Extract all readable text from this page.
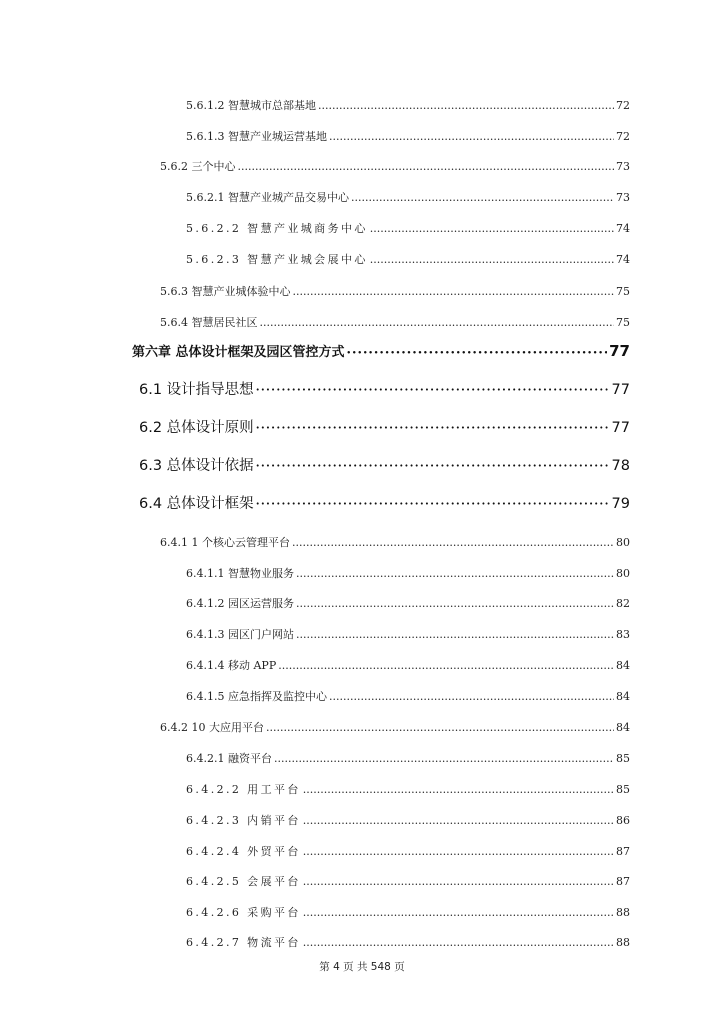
5.6.1.2 智慧城市总部基地 .....	72
5.6.1.3 智慧产业城运营基地 .....	72
5.6.2 三个中心 .....	73
5.6.2.1 智慧产业城产品交易中心 .....	73
5.6.2.2 智慧产业城商务中心 .....	74
5.6.2.3 智慧产业城会展中心 .....	74
5.6.3 智慧产业城体验中心 .....	75
5.6.4 智慧居民社区 .....	75
第六章 总体设计框架及园区管控方式 •••••	77
6.1 设计指导思想 •••••	77
6.2 总体设计原则 •••••	77
6.3 总体设计依据 •••••	78
6.4 总体设计框架 •••••	79
6.4.1 1 个核心云管理平台 .....	80
6.4.1.1 智慧物业服务 .....	80
6.4.1.2 园区运营服务 .....	82
6.4.1.3 园区门户网站 .....	83
6.4.1.4 移动 APP .....	84
6.4.1.5 应急指挥及监控中心 .....	84
6.4.2 10 大应用平台 .....	84
6.4.2.1 融资平台 .....	85
6.4.2.2 用工平台 .....	85
6.4.2.3 内销平台 .....	86
6.4.2.4 外贸平台 .....	87
6.4.2.5 会展平台 .....	87
6.4.2.6 采购平台 .....	88
6.4.2.7 物流平台 .....	88
第 4 页 共 548 页
